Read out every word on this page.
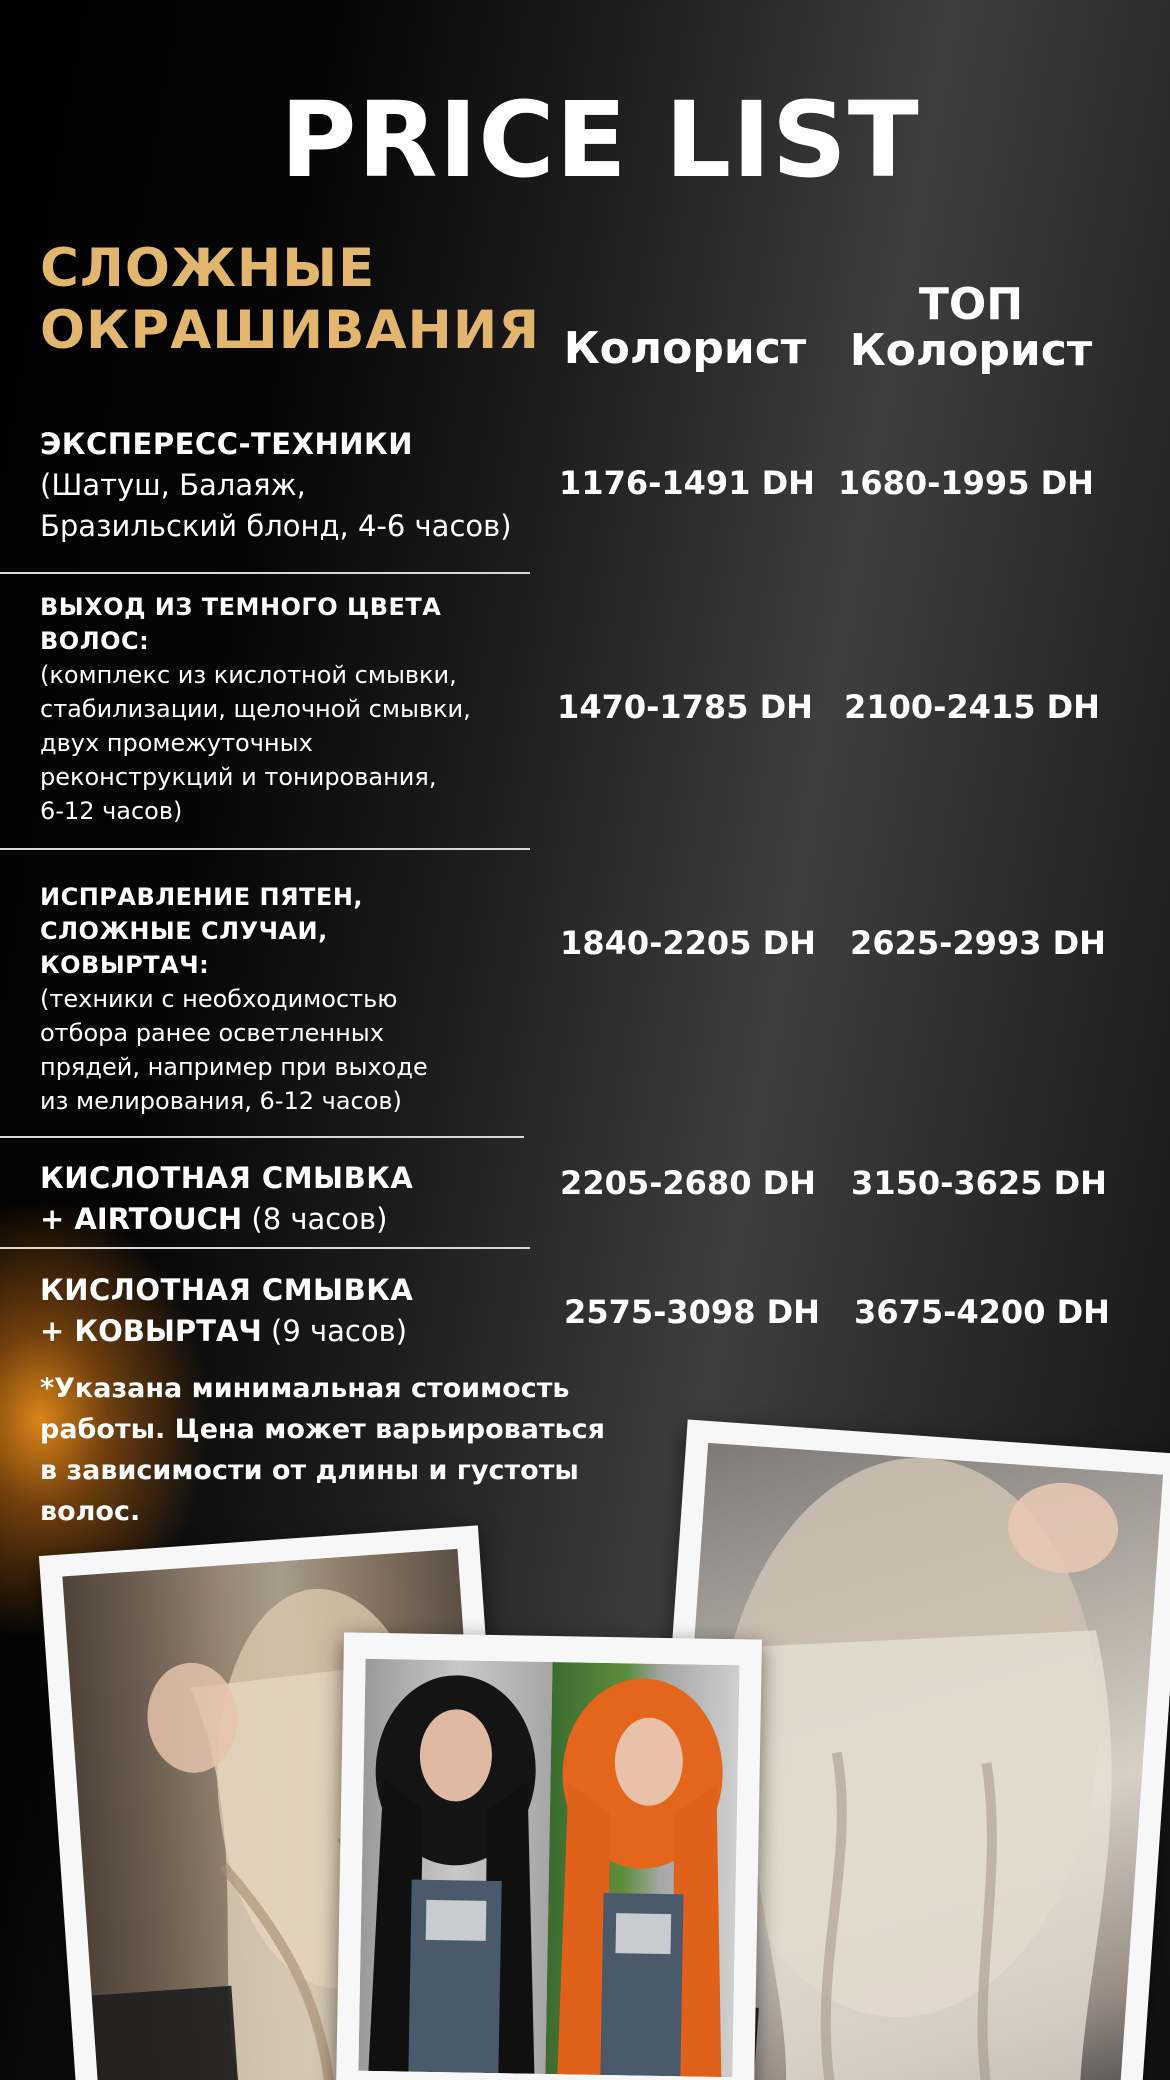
PRICE LIST
СЛОЖНЫЕ
ОКРАШИВАНИЯ Колорист
ТОП
Колорист
ЭКСПЕРЕСС-ТЕХНИКИ
(Шатуш, Балаяж,
Бразильский блонд, 4-6 часов)
1176-1491 DH 1680-1995 DH
ВЫХОД ИЗ ТЕМНОГО ЦВЕТА
ВОЛОС:
(комплекс из кислотной смывки,
стабилизации, щелочной смывки,
двух промежуточных
реконструкций и тонирования,
6-12 часов)
1470-1785 DH 2100-2415 DH
ИСПРАВЛЕНИЕ ПЯТЕН,
СЛОЖНЫЕ СЛУЧАИ,
КОВЫРТАЧ:
(техники с необходимостью
отбора ранее осветленных
прядей, например при выходе
из мелирования, 6-12 часов)
1840-2205 DH	2625-2993 DH
КИСЛОТНАЯ СМЫВКА
+ AIRTOUCH (8 часов)
2205-2680 DH	3150-3625 DH
КИСЛОТНАЯ СМЫВКА
+ КОВЫРТАЧ (9 часов)	2575-3098 DH	3675-4200 DH
*Указана минимальная стоимость
работы. Цена может варьироваться
в зависимости от длины и густоты
волос.
